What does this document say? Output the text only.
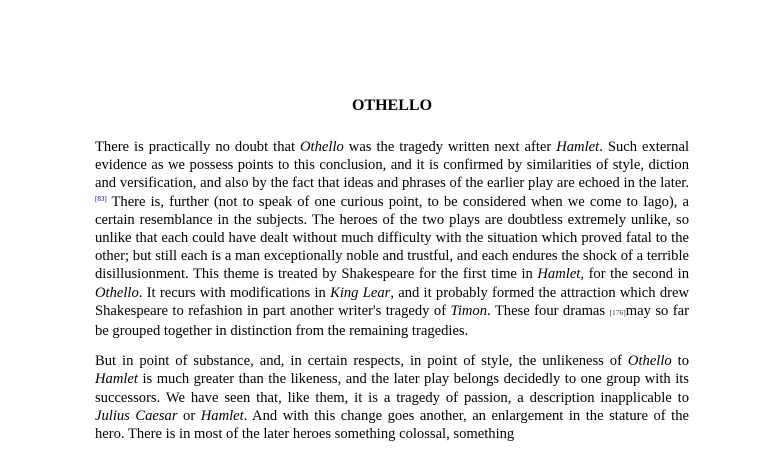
OTHELLO

There is practically no doubt that Othello was the tragedy written next after Hamlet. Such external evidence as we possess points to this conclusion, and it is confirmed by similarities of style, diction and versification, and also by the fact that ideas and phrases of the earlier play are echoed in the later.[83] There is, further (not to speak of one curious point, to be considered when we come to Iago), a certain resemblance in the subjects. The heroes of the two plays are doubtless extremely unlike, so unlike that each could have dealt without much difficulty with the situation which proved fatal to the other; but still each is a man exceptionally noble and trustful, and each endures the shock of a terrible disillusionment. This theme is treated by Shakespeare for the first time in Hamlet, for the second in Othello. It recurs with modifications in King Lear, and it probably formed the attraction which drew Shakespeare to refashion in part another writer's tragedy of Timon. These four dramas [176]may so far be grouped together in distinction from the remaining tragedies.

But in point of substance, and, in certain respects, in point of style, the unlikeness of Othello to Hamlet is much greater than the likeness, and the later play belongs decidedly to one group with its successors. We have seen that, like them, it is a tragedy of passion, a description inapplicable to Julius Caesar or Hamlet. And with this change goes another, an enlargement in the stature of the hero. There is in most of the later heroes something colossal, something
